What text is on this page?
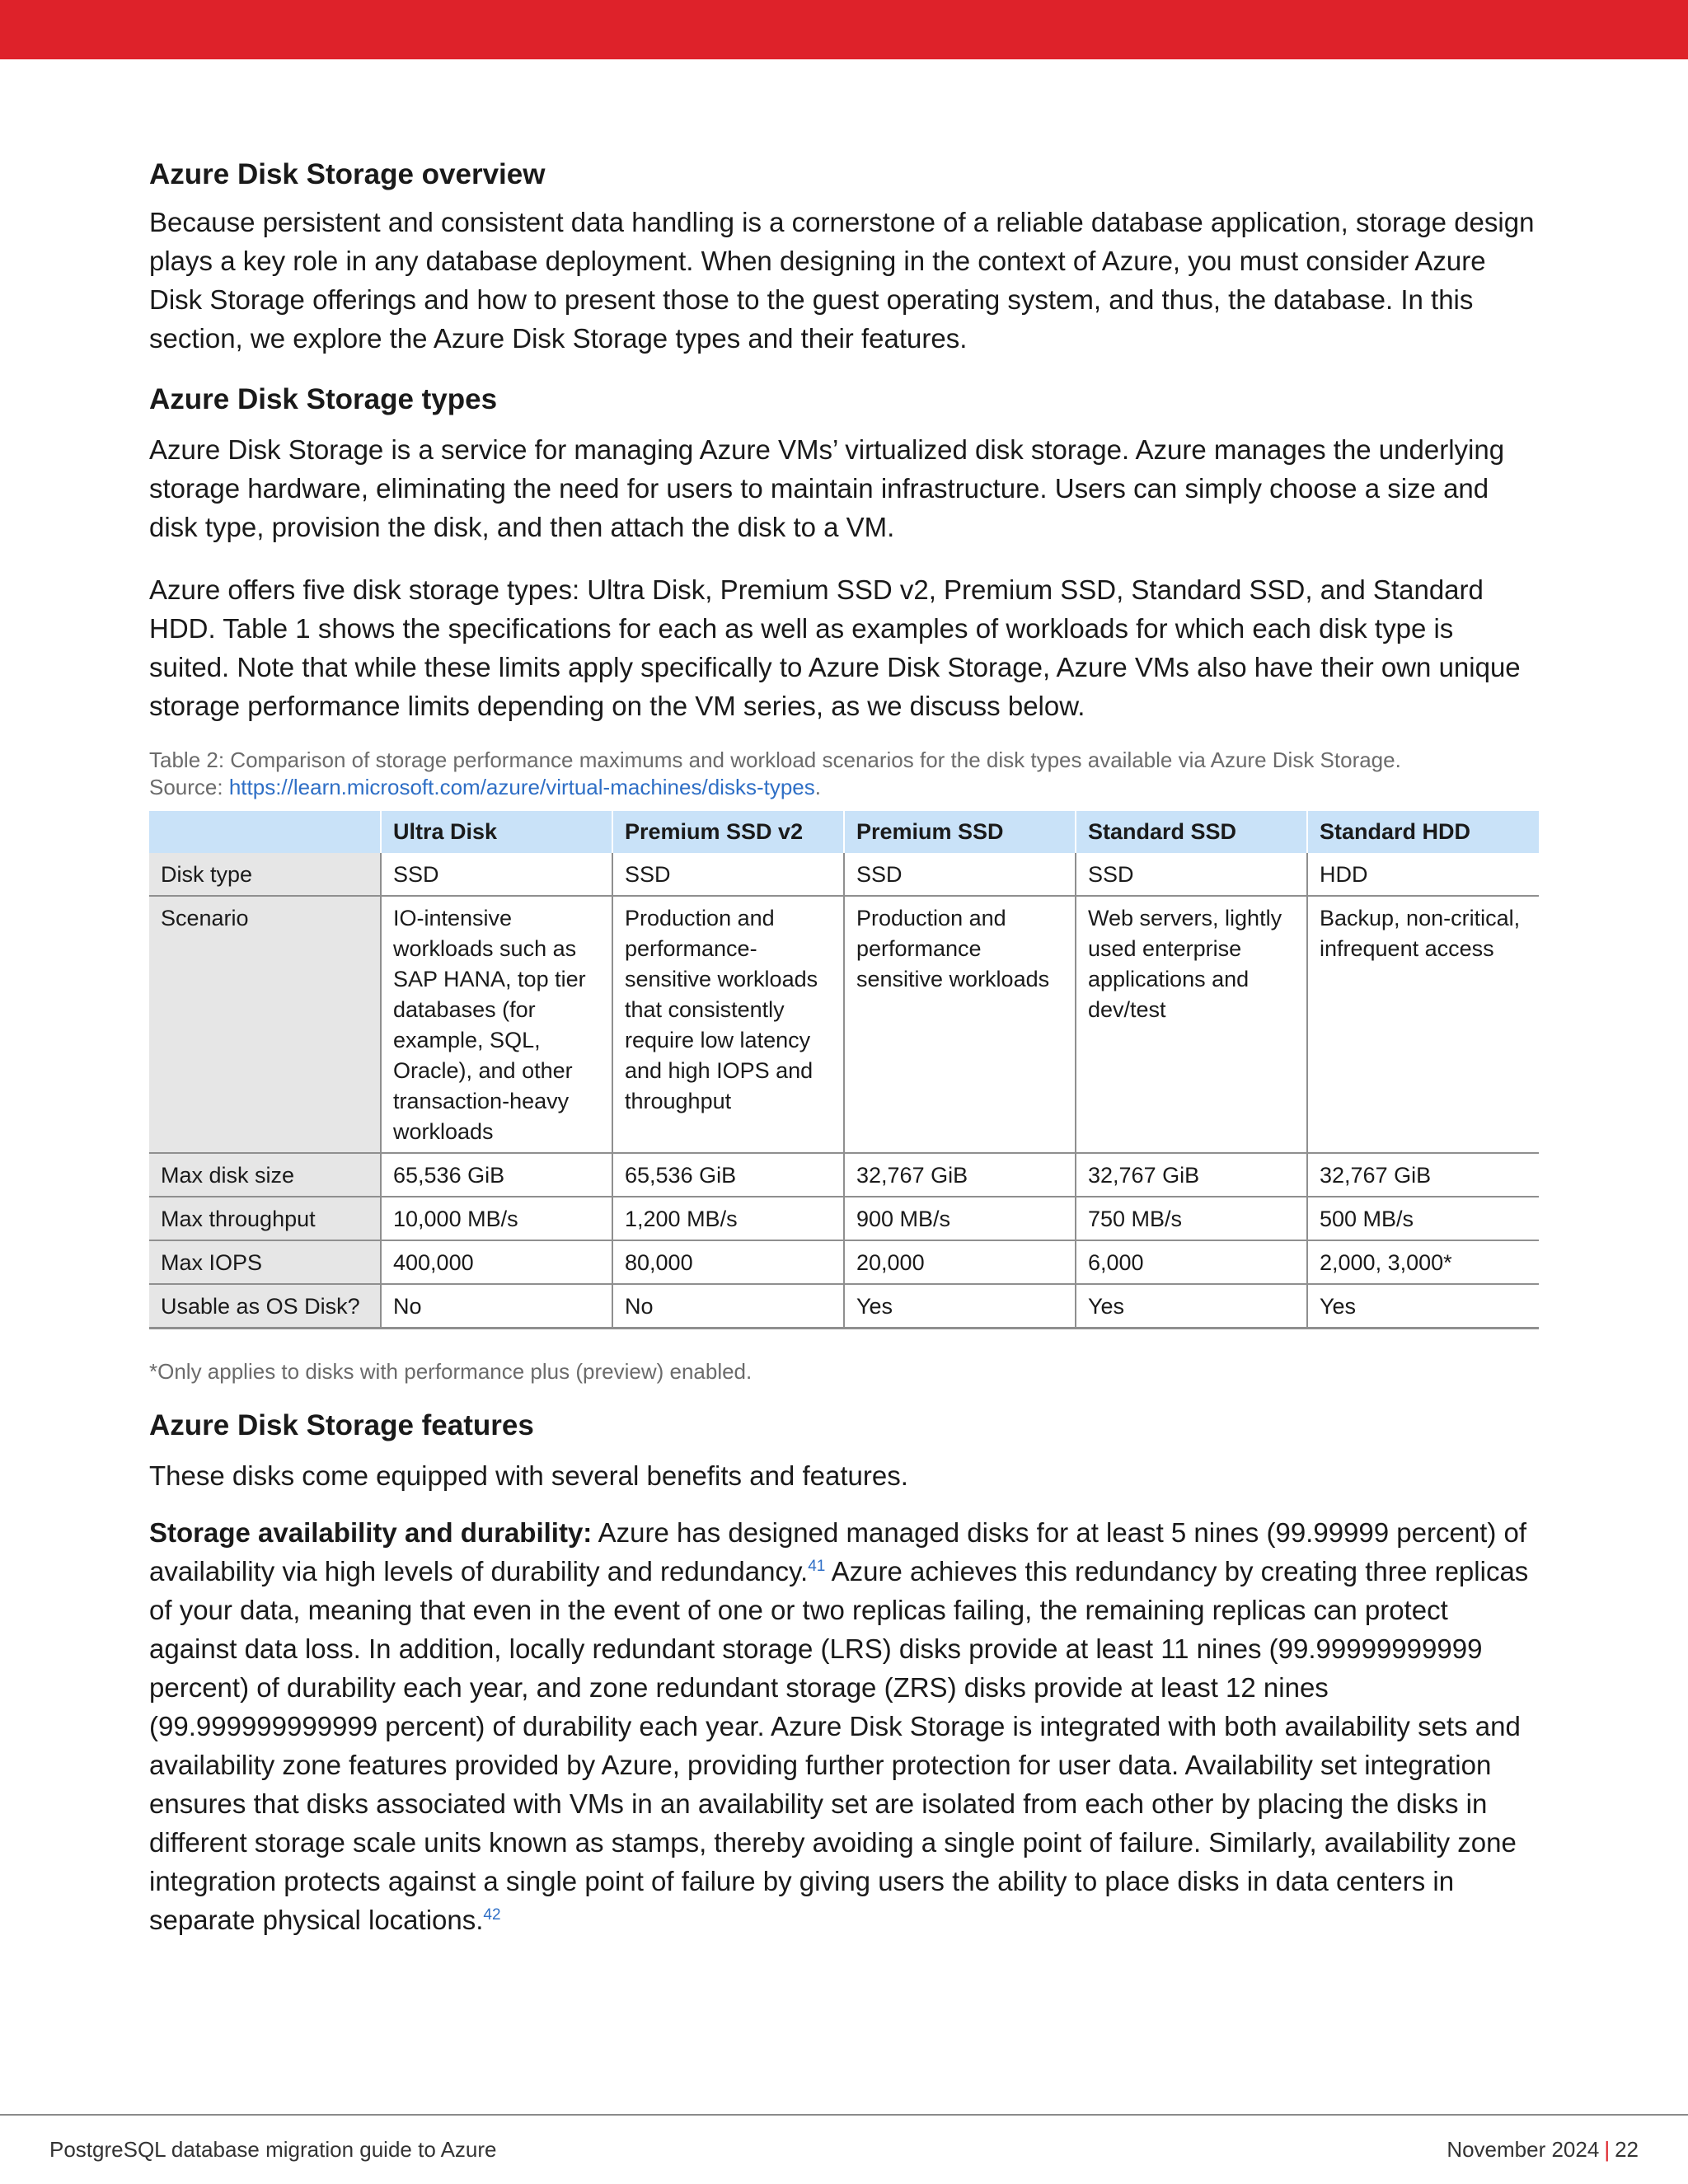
Azure Disk Storage overview

Because persistent and consistent data handling is a cornerstone of a reliable database application, storage design plays a key role in any database deployment. When designing in the context of Azure, you must consider Azure Disk Storage offerings and how to present those to the guest operating system, and thus, the database. In this section, we explore the Azure Disk Storage types and their features.

Azure Disk Storage types

Azure Disk Storage is a service for managing Azure VMs’ virtualized disk storage. Azure manages the underlying storage hardware, eliminating the need for users to maintain infrastructure. Users can simply choose a size and disk type, provision the disk, and then attach the disk to a VM.

Azure offers five disk storage types: Ultra Disk, Premium SSD v2, Premium SSD, Standard SSD, and Standard HDD. Table 1 shows the specifications for each as well as examples of workloads for which each disk type is suited. Note that while these limits apply specifically to Azure Disk Storage, Azure VMs also have their own unique storage performance limits depending on the VM series, as we discuss below.

Table 2: Comparison of storage performance maximums and workload scenarios for the disk types available via Azure Disk Storage.
Source: https://learn.microsoft.com/azure/virtual-machines/disks-types.
	Ultra Disk	Premium SSD v2	Premium SSD	Standard SSD	Standard HDD
Disk type	SSD	SSD	SSD	SSD	HDD
Scenario	IO-intensive workloads such as SAP HANA, top tier databases (for example, SQL, Oracle), and other transaction-heavy workloads	Production and performance-sensitive workloads that consistently require low latency and high IOPS and throughput	Production and performance sensitive workloads	Web servers, lightly used enterprise applications and dev/test	Backup, non-critical, infrequent access
Max disk size	65,536 GiB	65,536 GiB	32,767 GiB	32,767 GiB	32,767 GiB
Max throughput	10,000 MB/s	1,200 MB/s	900 MB/s	750 MB/s	500 MB/s
Max IOPS	400,000	80,000	20,000	6,000	2,000, 3,000*
Usable as OS Disk?	No	No	Yes	Yes	Yes
*Only applies to disks with performance plus (preview) enabled.
Azure Disk Storage features

These disks come equipped with several benefits and features.

Storage availability and durability: Azure has designed managed disks for at least 5 nines (99.99999 percent) of availability via high levels of durability and redundancy.$^{41}$ Azure achieves this redundancy by creating three replicas of your data, meaning that even in the event of one or two replicas failing, the remaining replicas can protect against data loss. In addition, locally redundant storage (LRS) disks provide at least 11 nines (99.99999999999 percent) of durability each year, and zone redundant storage (ZRS) disks provide at least 12 nines (99.999999999999 percent) of durability each year. Azure Disk Storage is integrated with both availability sets and availability zone features provided by Azure, providing further protection for user data. Availability set integration ensures that disks associated with VMs in an availability set are isolated from each other by placing the disks in different storage scale units known as stamps, thereby avoiding a single point of failure. Similarly, availability zone integration protects against a single point of failure by giving users the ability to place disks in data centers in separate physical locations.$^{42}$

PostgreSQL database migration guide to Azure	November 2024 | 22
